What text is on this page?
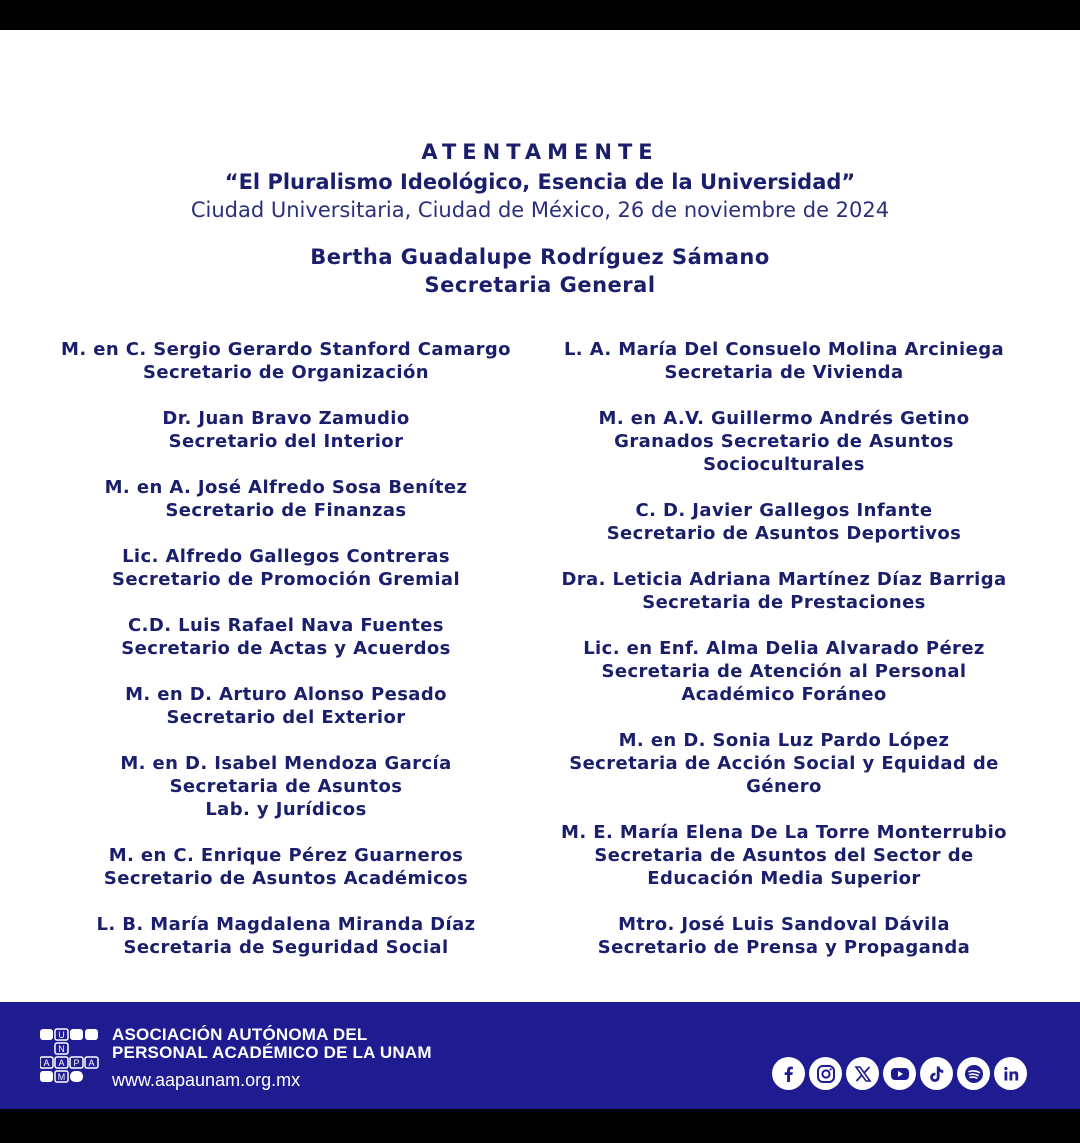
ATENTAMENTE
“El Pluralismo Ideológico, Esencia de la Universidad”
Ciudad Universitaria, Ciudad de México, 26 de noviembre de 2024
Bertha Guadalupe Rodríguez Sámano
Secretaria General
M. en C. Sergio Gerardo Stanford Camargo
Secretario de Organización
Dr. Juan Bravo Zamudio
Secretario del Interior
M. en A. José Alfredo Sosa Benítez
Secretario de Finanzas
Lic. Alfredo Gallegos Contreras
Secretario de Promoción Gremial
C.D. Luis Rafael Nava Fuentes
Secretario de Actas y Acuerdos
M. en D. Arturo Alonso Pesado
Secretario del Exterior
M. en D. Isabel Mendoza García
Secretaria de Asuntos
Lab. y Jurídicos
M. en C. Enrique Pérez Guarneros
Secretario de Asuntos Académicos
L. B. María Magdalena Miranda Díaz
Secretaria de Seguridad Social
L. A. María Del Consuelo Molina Arciniega
Secretaria de Vivienda
M. en A.V. Guillermo Andrés Getino
Granados Secretario de Asuntos
Socioculturales
C. D. Javier Gallegos Infante
Secretario de Asuntos Deportivos
Dra. Leticia Adriana Martínez Díaz Barriga
Secretaria de Prestaciones
Lic. en Enf. Alma Delia Alvarado Pérez
Secretaria de Atención al Personal
Académico Foráneo
M. en D. Sonia Luz Pardo López
Secretaria de Acción Social y Equidad de
Género
M. E. María Elena De La Torre Monterrubio
Secretaria de Asuntos del Sector de
Educación Media Superior
Mtro. José Luis Sandoval Dávila
Secretario de Prensa y Propaganda
U
N
A A P A
M
ASOCIACIÓN AUTÓNOMA DEL
PERSONAL ACADÉMICO DE LA UNAM
www.aapaunam.org.mx
